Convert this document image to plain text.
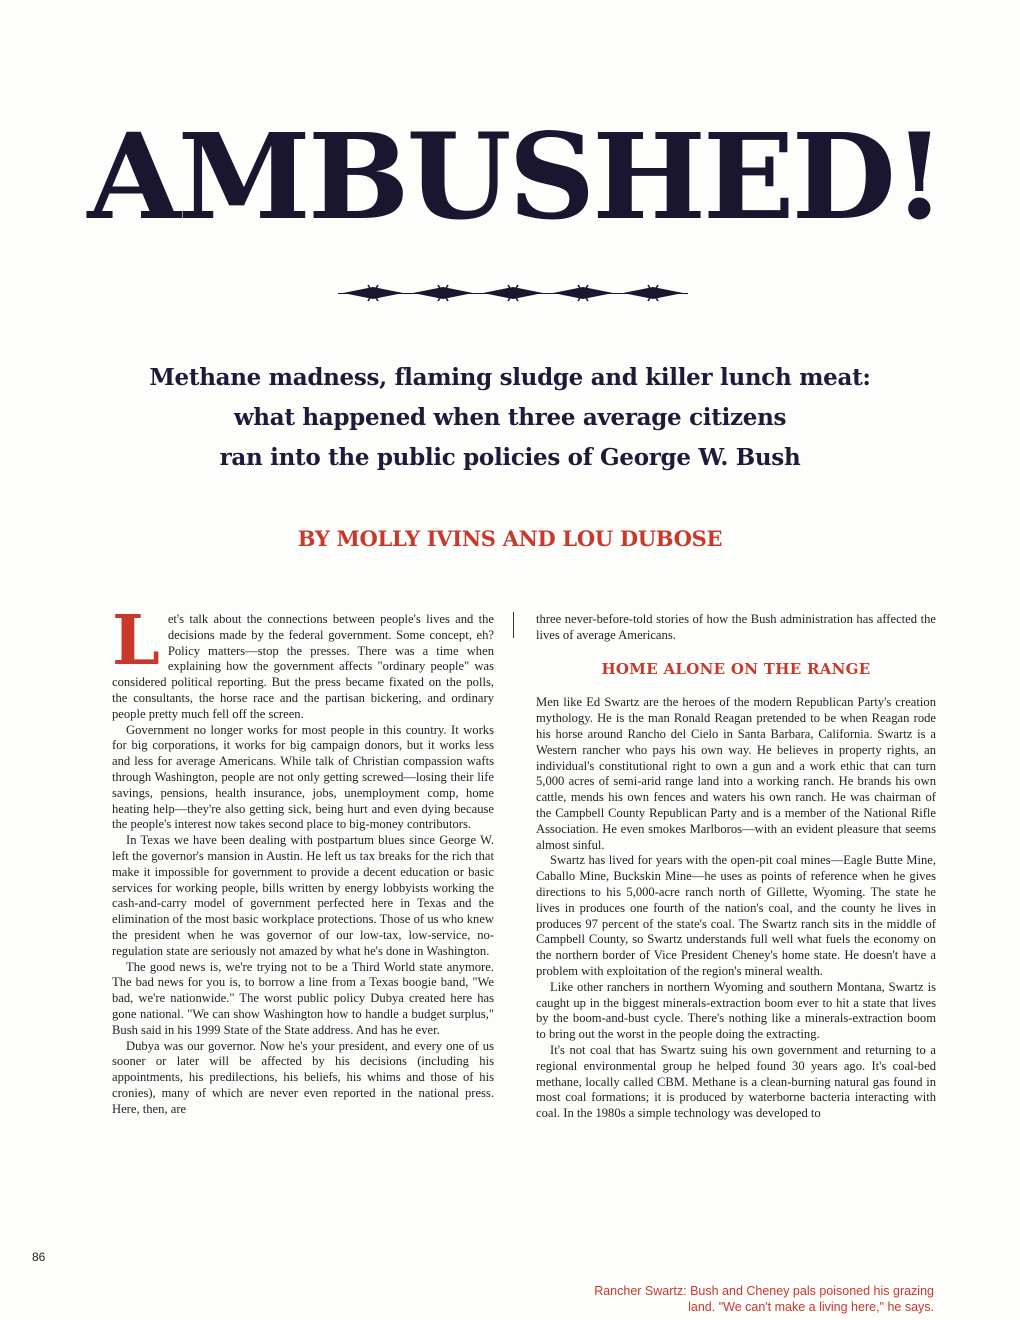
AMBUSHED!
Methane madness, flaming sludge and killer lunch meat:
what happened when three average citizens
ran into the public policies of George W. Bush
BY MOLLY IVINS AND LOU DUBOSE

Let's talk about the connections between people's lives and the decisions made by the federal government. Some concept, eh? Policy matters—stop the presses. There was a time when explaining how the government affects "ordinary people" was considered political reporting. But the press became fixated on the polls, the consultants, the horse race and the partisan bickering, and ordinary people pretty much fell off the screen.

Government no longer works for most people in this country. It works for big corporations, it works for big campaign donors, but it works less and less for average Americans. While talk of Christian compassion wafts through Washington, people are not only getting screwed—losing their life savings, pensions, health insurance, jobs, unemployment comp, home heating help—they're also getting sick, being hurt and even dying because the people's interest now takes second place to big-money contributors.

In Texas we have been dealing with postpartum blues since George W. left the governor's mansion in Austin. He left us tax breaks for the rich that make it impossible for government to provide a decent education or basic services for working people, bills written by energy lobbyists working the cash-and-carry model of government perfected here in Texas and the elimination of the most basic workplace protections. Those of us who knew the president when he was governor of our low-tax, low-service, no-regulation state are seriously not amazed by what he's done in Washington.

The good news is, we're trying not to be a Third World state anymore. The bad news for you is, to borrow a line from a Texas boogie band, "We bad, we're nationwide." The worst public policy Dubya created here has gone national. "We can show Washington how to handle a budget surplus," Bush said in his 1999 State of the State address. And has he ever.

Dubya was our governor. Now he's your president, and every one of us sooner or later will be affected by his decisions (including his appointments, his predilections, his beliefs, his whims and those of his cronies), many of which are never even reported in the national press. Here, then, are

three never-before-told stories of how the Bush administration has affected the lives of average Americans.

HOME ALONE ON THE RANGE

Men like Ed Swartz are the heroes of the modern Republican Party's creation mythology. He is the man Ronald Reagan pretended to be when Reagan rode his horse around Rancho del Cielo in Santa Barbara, California. Swartz is a Western rancher who pays his own way. He believes in property rights, an individual's constitutional right to own a gun and a work ethic that can turn 5,000 acres of semi-arid range land into a working ranch. He brands his own cattle, mends his own fences and waters his own ranch. He was chairman of the Campbell County Republican Party and is a member of the National Rifle Association. He even smokes Marlboros—with an evident pleasure that seems almost sinful.

Swartz has lived for years with the open-pit coal mines—Eagle Butte Mine, Caballo Mine, Buckskin Mine—he uses as points of reference when he gives directions to his 5,000-acre ranch north of Gillette, Wyoming. The state he lives in produces one fourth of the nation's coal, and the county he lives in produces 97 percent of the state's coal. The Swartz ranch sits in the middle of Campbell County, so Swartz understands full well what fuels the economy on the northern border of Vice President Cheney's home state. He doesn't have a problem with exploitation of the region's mineral wealth.

Like other ranchers in northern Wyoming and southern Montana, Swartz is caught up in the biggest minerals-extraction boom ever to hit a state that lives by the boom-and-bust cycle. There's nothing like a minerals-extraction boom to bring out the worst in the people doing the extracting.

It's not coal that has Swartz suing his own government and returning to a regional environmental group he helped found 30 years ago. It's coal-bed methane, locally called CBM. Methane is a clean-burning natural gas found in most coal formations; it is produced by waterborne bacteria interacting with coal. In the 1980s a simple technology was developed to

86
Rancher Swartz: Bush and Cheney pals poisoned his grazing
land. "We can't make a living here," he says.
